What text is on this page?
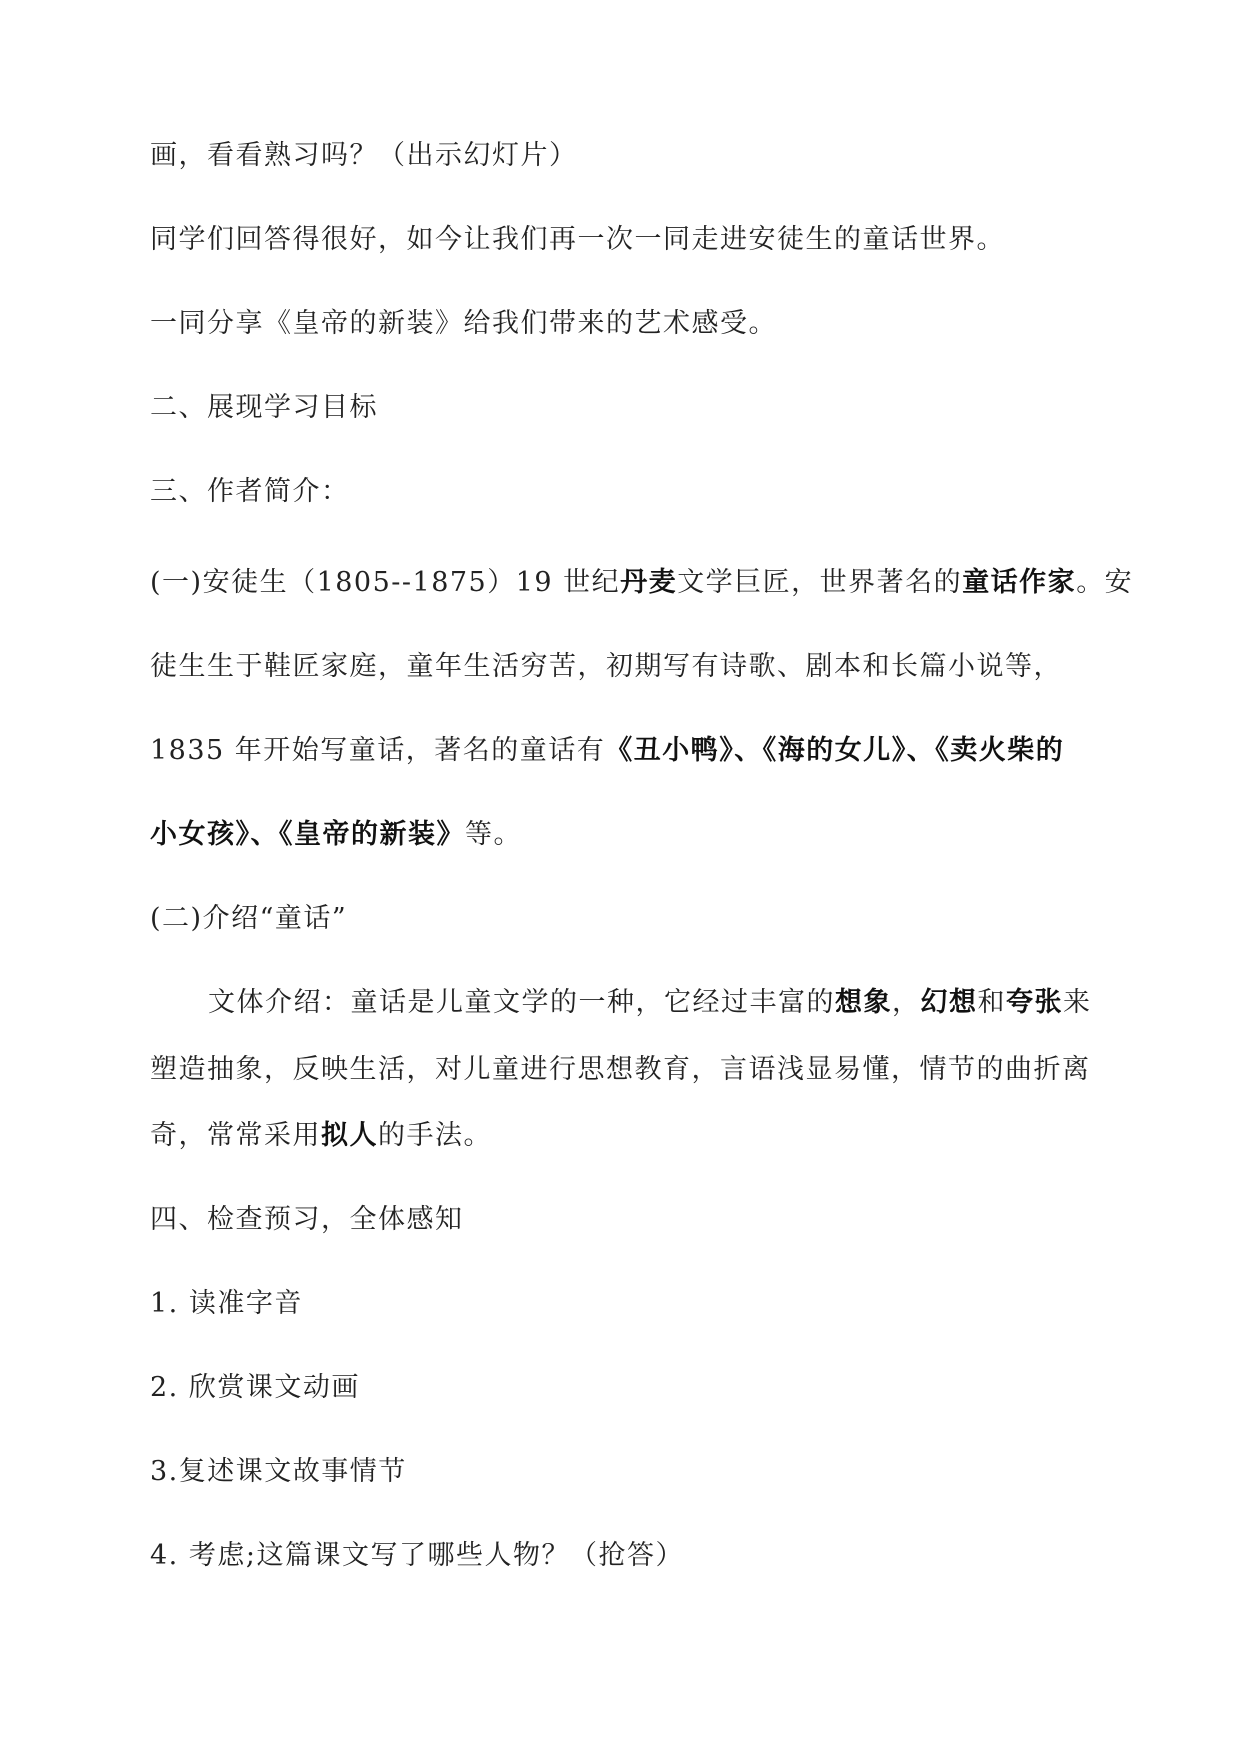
画，看看熟习吗？（出示幻灯片）
同学们回答得很好，如今让我们再一次一同走进安徒生的童话世界。
一同分享《皇帝的新装》给我们带来的艺术感受。
二、展现学习目标
三、作者简介：
(一)安徒生（1805--1875）19 世纪丹麦文学巨匠，世界著名的童话作家。安
徒生生于鞋匠家庭，童年生活穷苦，初期写有诗歌、剧本和长篇小说等，
1835 年开始写童话，著名的童话有《丑小鸭》、《海的女儿》、《卖火柴的
小女孩》、《皇帝的新装》等。
(二)介绍“童话”
文体介绍：童话是儿童文学的一种，它经过丰富的想象，幻想和夸张来
塑造抽象，反映生活，对儿童进行思想教育，言语浅显易懂，情节的曲折离
奇，常常采用拟人的手法。
四、检查预习，全体感知
1. 读准字音
2. 欣赏课文动画
3.复述课文故事情节
4. 考虑;这篇课文写了哪些人物？（抢答）
